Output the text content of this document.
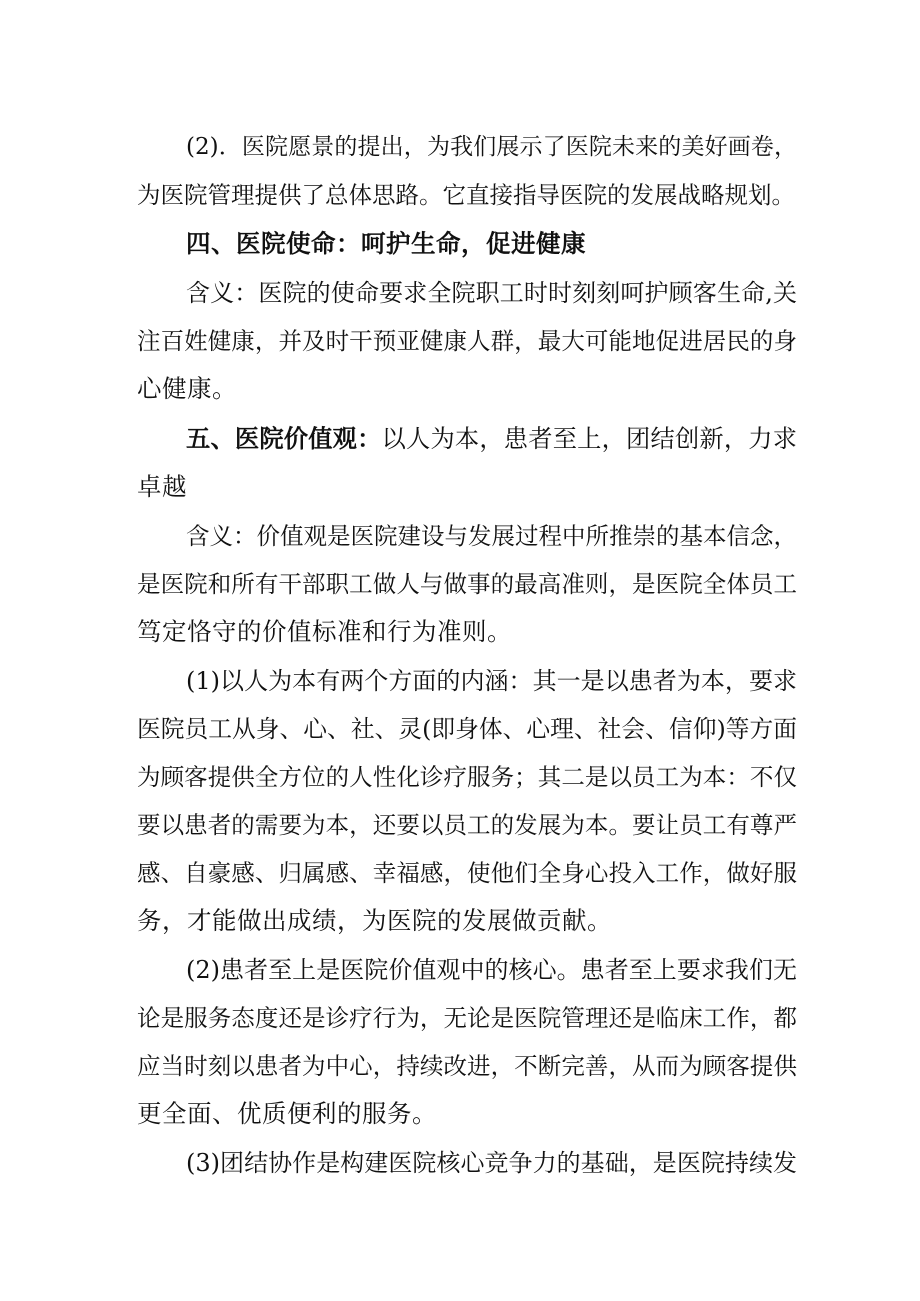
(2)．医院愿景的提出，为我们展示了医院未来的美好画卷，
为医院管理提供了总体思路。它直接指导医院的发展战略规划。
四、医院使命：呵护生命，促进健康
含义：医院的使命要求全院职工时时刻刻呵护顾客生命,关
注百姓健康，并及时干预亚健康人群，最大可能地促进居民的身
心健康。
五、医院价值观：以人为本，患者至上，团结创新，力求
卓越
含义：价值观是医院建设与发展过程中所推崇的基本信念，
是医院和所有干部职工做人与做事的最高准则，是医院全体员工
笃定恪守的价值标准和行为准则。
(1)以人为本有两个方面的内涵：其一是以患者为本，要求
医院员工从身、心、社、灵(即身体、心理、社会、信仰)等方面
为顾客提供全方位的人性化诊疗服务；其二是以员工为本：不仅
要以患者的需要为本，还要以员工的发展为本。要让员工有尊严
感、自豪感、归属感、幸福感，使他们全身心投入工作，做好服
务，才能做出成绩，为医院的发展做贡献。
(2)患者至上是医院价值观中的核心。患者至上要求我们无
论是服务态度还是诊疗行为，无论是医院管理还是临床工作，都
应当时刻以患者为中心，持续改进，不断完善，从而为顾客提供
更全面、优质便利的服务。
(3)团结协作是构建医院核心竞争力的基础，是医院持续发
